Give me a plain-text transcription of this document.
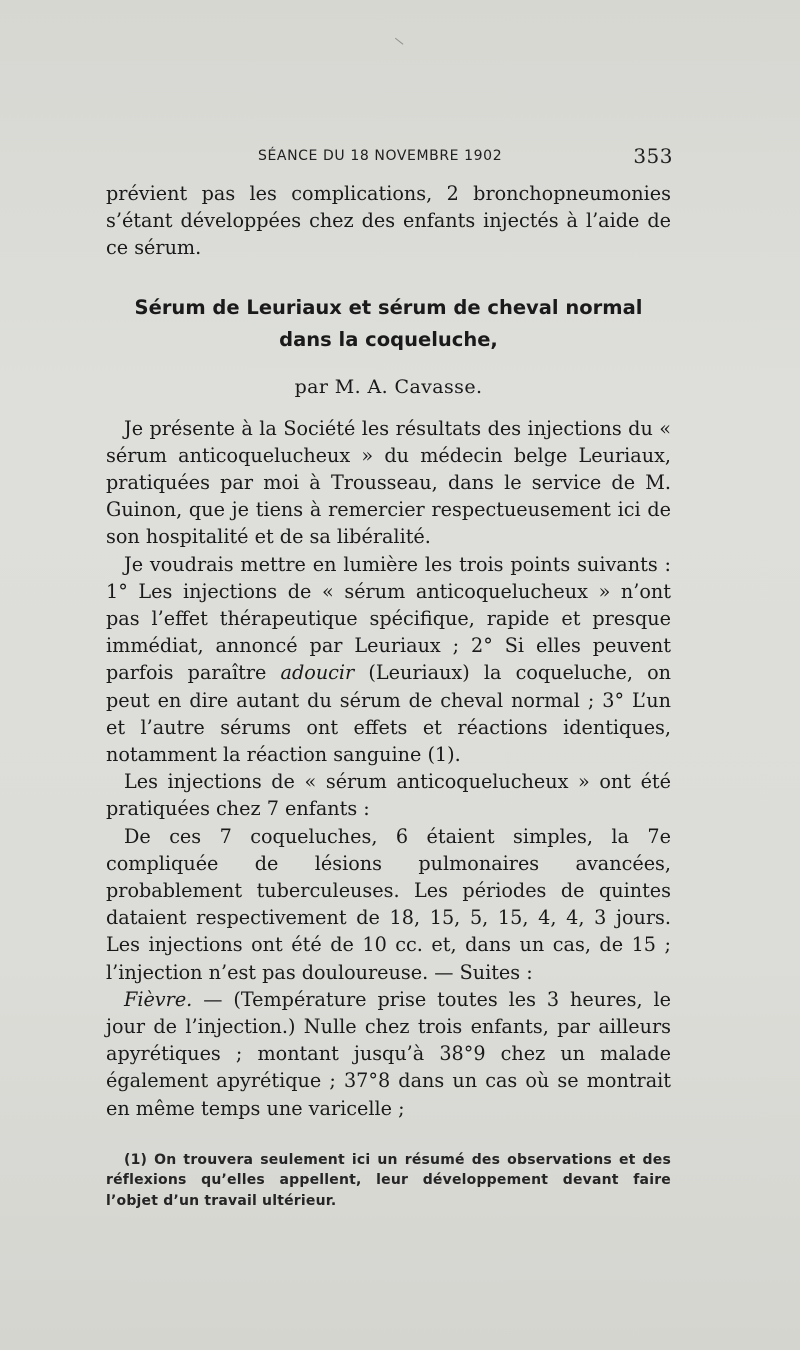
SÉANCE DU 18 NOVEMBRE 1902	353

prévient pas les complications, 2 bronchopneumonies s’étant développées chez des enfants injectés à l’aide de ce sérum.

Sérum de Leuriaux et sérum de cheval normal
dans la coqueluche,
par M. A. Cavasse.

Je présente à la Société les résultats des injections du « sérum anticoquelucheux » du médecin belge Leuriaux, pratiquées par moi à Trousseau, dans le service de M. Guinon, que je tiens à remercier respectueusement ici de son hospitalité et de sa libéralité.

Je voudrais mettre en lumière les trois points suivants : 1° Les injections de « sérum anticoquelucheux » n’ont pas l’effet thérapeutique spécifique, rapide et presque immédiat, annoncé par Leuriaux ; 2° Si elles peuvent parfois paraître adoucir (Leuriaux) la coqueluche, on peut en dire autant du sérum de cheval normal ; 3° L’un et l’autre sérums ont effets et réactions identiques, notamment la réaction sanguine (1).

Les injections de « sérum anticoquelucheux » ont été pratiquées chez 7 enfants :

De ces 7 coqueluches, 6 étaient simples, la 7e compliquée de lésions pulmonaires avancées, probablement tuberculeuses. Les périodes de quintes dataient respectivement de 18, 15, 5, 15, 4, 4, 3 jours. Les injections ont été de 10 cc. et, dans un cas, de 15 ; l’injection n’est pas douloureuse. — Suites :

Fièvre. — (Température prise toutes les 3 heures, le jour de l’injection.) Nulle chez trois enfants, par ailleurs apyrétiques ; montant jusqu’à 38°9 chez un malade également apyrétique ; 37°8 dans un cas où se montrait en même temps une varicelle ;

(1) On trouvera seulement ici un résumé des observations et des réflexions qu’elles appellent, leur développement devant faire l’objet d’un travail ultérieur.
